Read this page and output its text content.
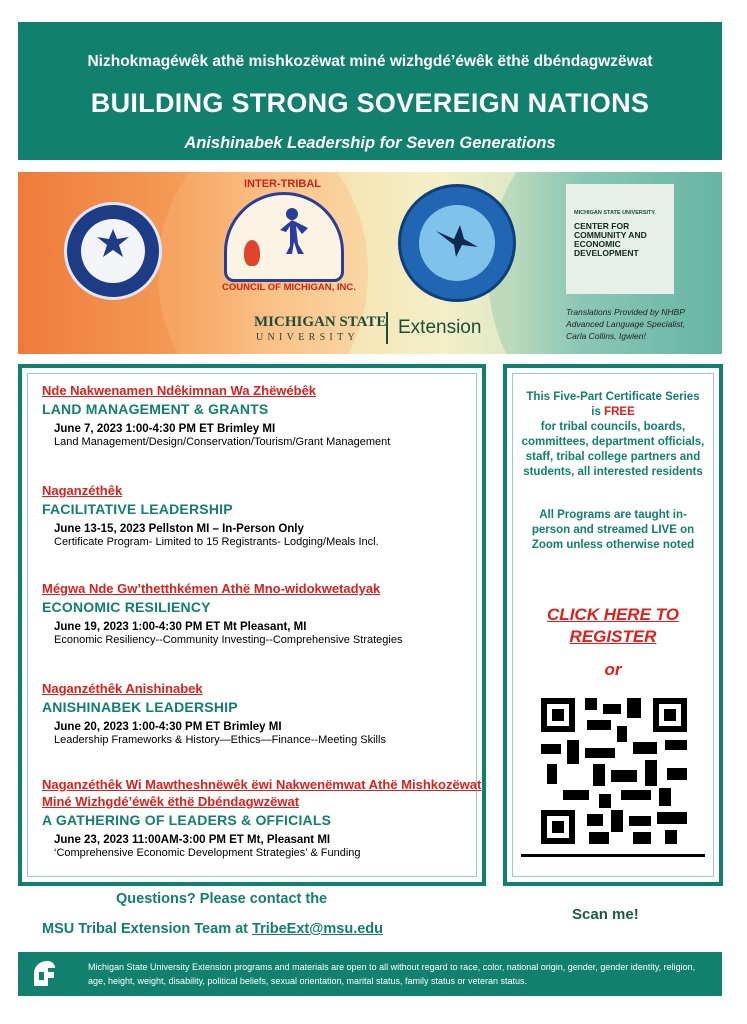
Nizhokmagéwêk athë mishkozëwat miné wizhgdé’éwêk ëthë dbéndagwzëwat
BUILDING STRONG SOVEREIGN NATIONS
Anishinabek Leadership for Seven Generations
INTER-TRIBAL
COUNCIL OF MICHIGAN, INC.
MICHIGAN STATE UNIVERSITY
CENTER FOR
COMMUNITY AND
ECONOMIC
DEVELOPMENT
MICHIGAN STATE
UNIVERSITY Extension
Translations Provided by NHBP
Advanced Language Specialist,
Carla Collins, Igwien!
Nde Nakwenamen Ndêkimnan Wa Zhëwébêk
LAND MANAGEMENT & GRANTS
June 7, 2023 1:00-4:30 PM ET Brimley MI
Land Management/Design/Conservation/Tourism/Grant Management
Naganzéthêk
FACILITATIVE LEADERSHIP
June 13-15, 2023 Pellston MI – In-Person Only
Certificate Program- Limited to 15 Registrants- Lodging/Meals Incl.
Mégwa Nde Gw’thetthkémen Athë Mno-widokwetadyak
ECONOMIC RESILIENCY
June 19, 2023 1:00-4:30 PM ET Mt Pleasant, MI
Economic Resiliency--Community Investing--Comprehensive Strategies
Naganzéthêk Anishinabek
ANISHINABEK LEADERSHIP
June 20, 2023 1:00-4:30 PM ET Brimley MI
Leadership Frameworks & History—Ethics—Finance--Meeting Skills
Naganzéthêk Wi Mawtheshnëwêk ëwi Nakwenëmwat Athë Mishkozëwat Miné Wizhgdé’éwêk ëthë Dbéndagwzëwat
A GATHERING OF LEADERS & OFFICIALS
June 23, 2023 11:00AM-3:00 PM ET Mt, Pleasant MI
‘Comprehensive Economic Development Strategies’ & Funding
This Five-Part Certificate Series is FREE
for tribal councils, boards, committees, department officials, staff, tribal college partners and students, all interested residents
All Programs are taught in-person and streamed LIVE on Zoom unless otherwise noted
CLICK HERE TO REGISTER
or
Questions? Please contact the
MSU Tribal Extension Team at TribeExt@msu.edu
Scan me!
Michigan State University Extension programs and materials are open to all without regard to race, color, national origin, gender, gender identity, religion, age, height, weight, disability, political beliefs, sexual orientation, marital status, family status or veteran status.
